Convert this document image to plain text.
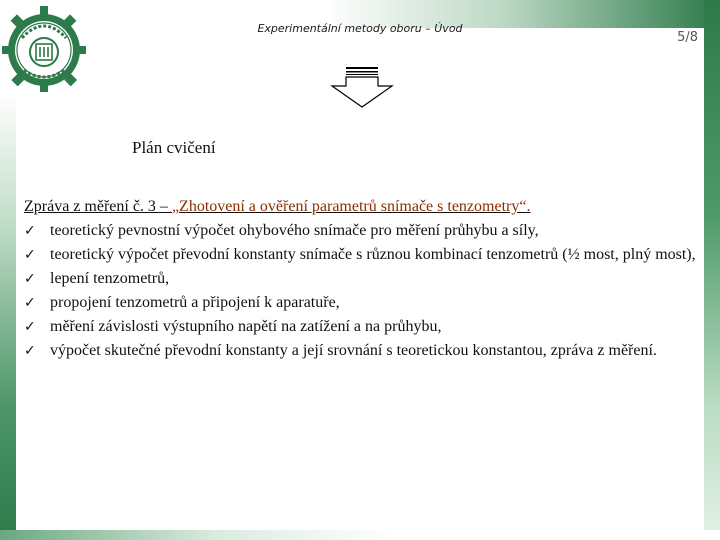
Experimentální metody oboru – Úvod
5/8
Plán cvičení
Zpráva z měření č. 3 – „Zhotovení a ověření parametrů snímače s tenzometry“.
✓ teoretický pevnostní výpočet ohybového snímače pro měření průhybu a síly,
✓ teoretický výpočet převodní konstanty snímače s různou kombinací tenzometrů (½ most, plný most),
✓ lepení tenzometrů,
✓ propojení tenzometrů a připojení k aparatuře,
✓ měření závislosti výstupního napětí na zatížení a na průhybu,
✓ výpočet skutečné převodní konstanty a její srovnání s teoretickou konstantou, zpráva z měření.
